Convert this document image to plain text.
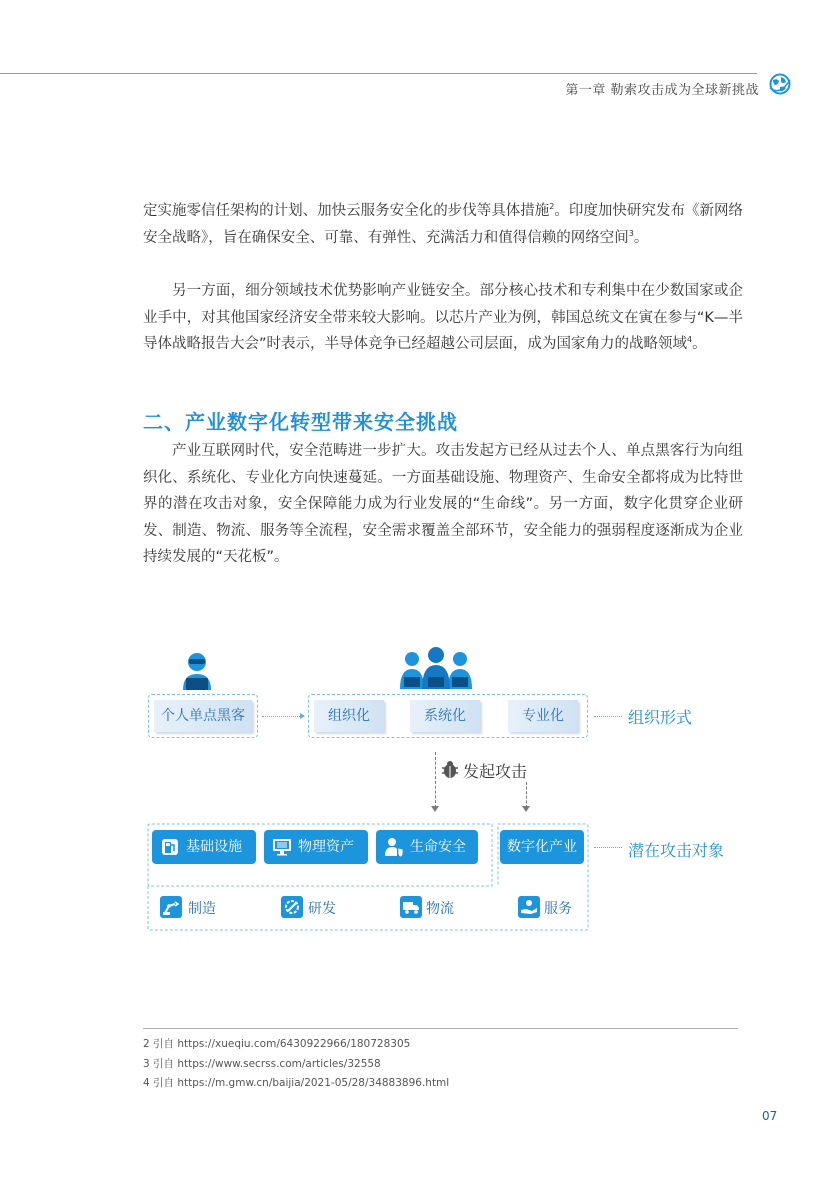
第一章 勒索攻击成为全球新挑战

定实施零信任架构的计划、加快云服务安全化的步伐等具体措施$^2$。印度加快研究发布《新网络安全战略》，旨在确保安全、可靠、有弹性、充满活力和值得信赖的网络空间$^3$。

另一方面，细分领域技术优势影响产业链安全。部分核心技术和专利集中在少数国家或企业手中，对其他国家经济安全带来较大影响。以芯片产业为例，韩国总统文在寅在参与“K—半导体战略报告大会”时表示，半导体竞争已经超越公司层面，成为国家角力的战略领域$^4$。

二、产业数字化转型带来安全挑战

产业互联网时代，安全范畴进一步扩大。攻击发起方已经从过去个人、单点黑客行为向组织化、系统化、专业化方向快速蔓延。一方面基础设施、物理资产、生命安全都将成为比特世界的潜在攻击对象，安全保障能力成为行业发展的“生命线”。另一方面，数字化贯穿企业研发、制造、物流、服务等全流程，安全需求覆盖全部环节，安全能力的强弱程度逐渐成为企业持续发展的“天花板”。

个人单点黑客	组织化	系统化	专业化	组织形式
发起攻击
基础设施	物理资产	生命安全	数字化产业	潜在攻击对象
制造	研发	物流	服务
2 引自 https://xueqiu.com/6430922966/180728305
3 引自 https://www.secrss.com/articles/32558
4 引自 https://m.gmw.cn/baijia/2021-05/28/34883896.html
07
